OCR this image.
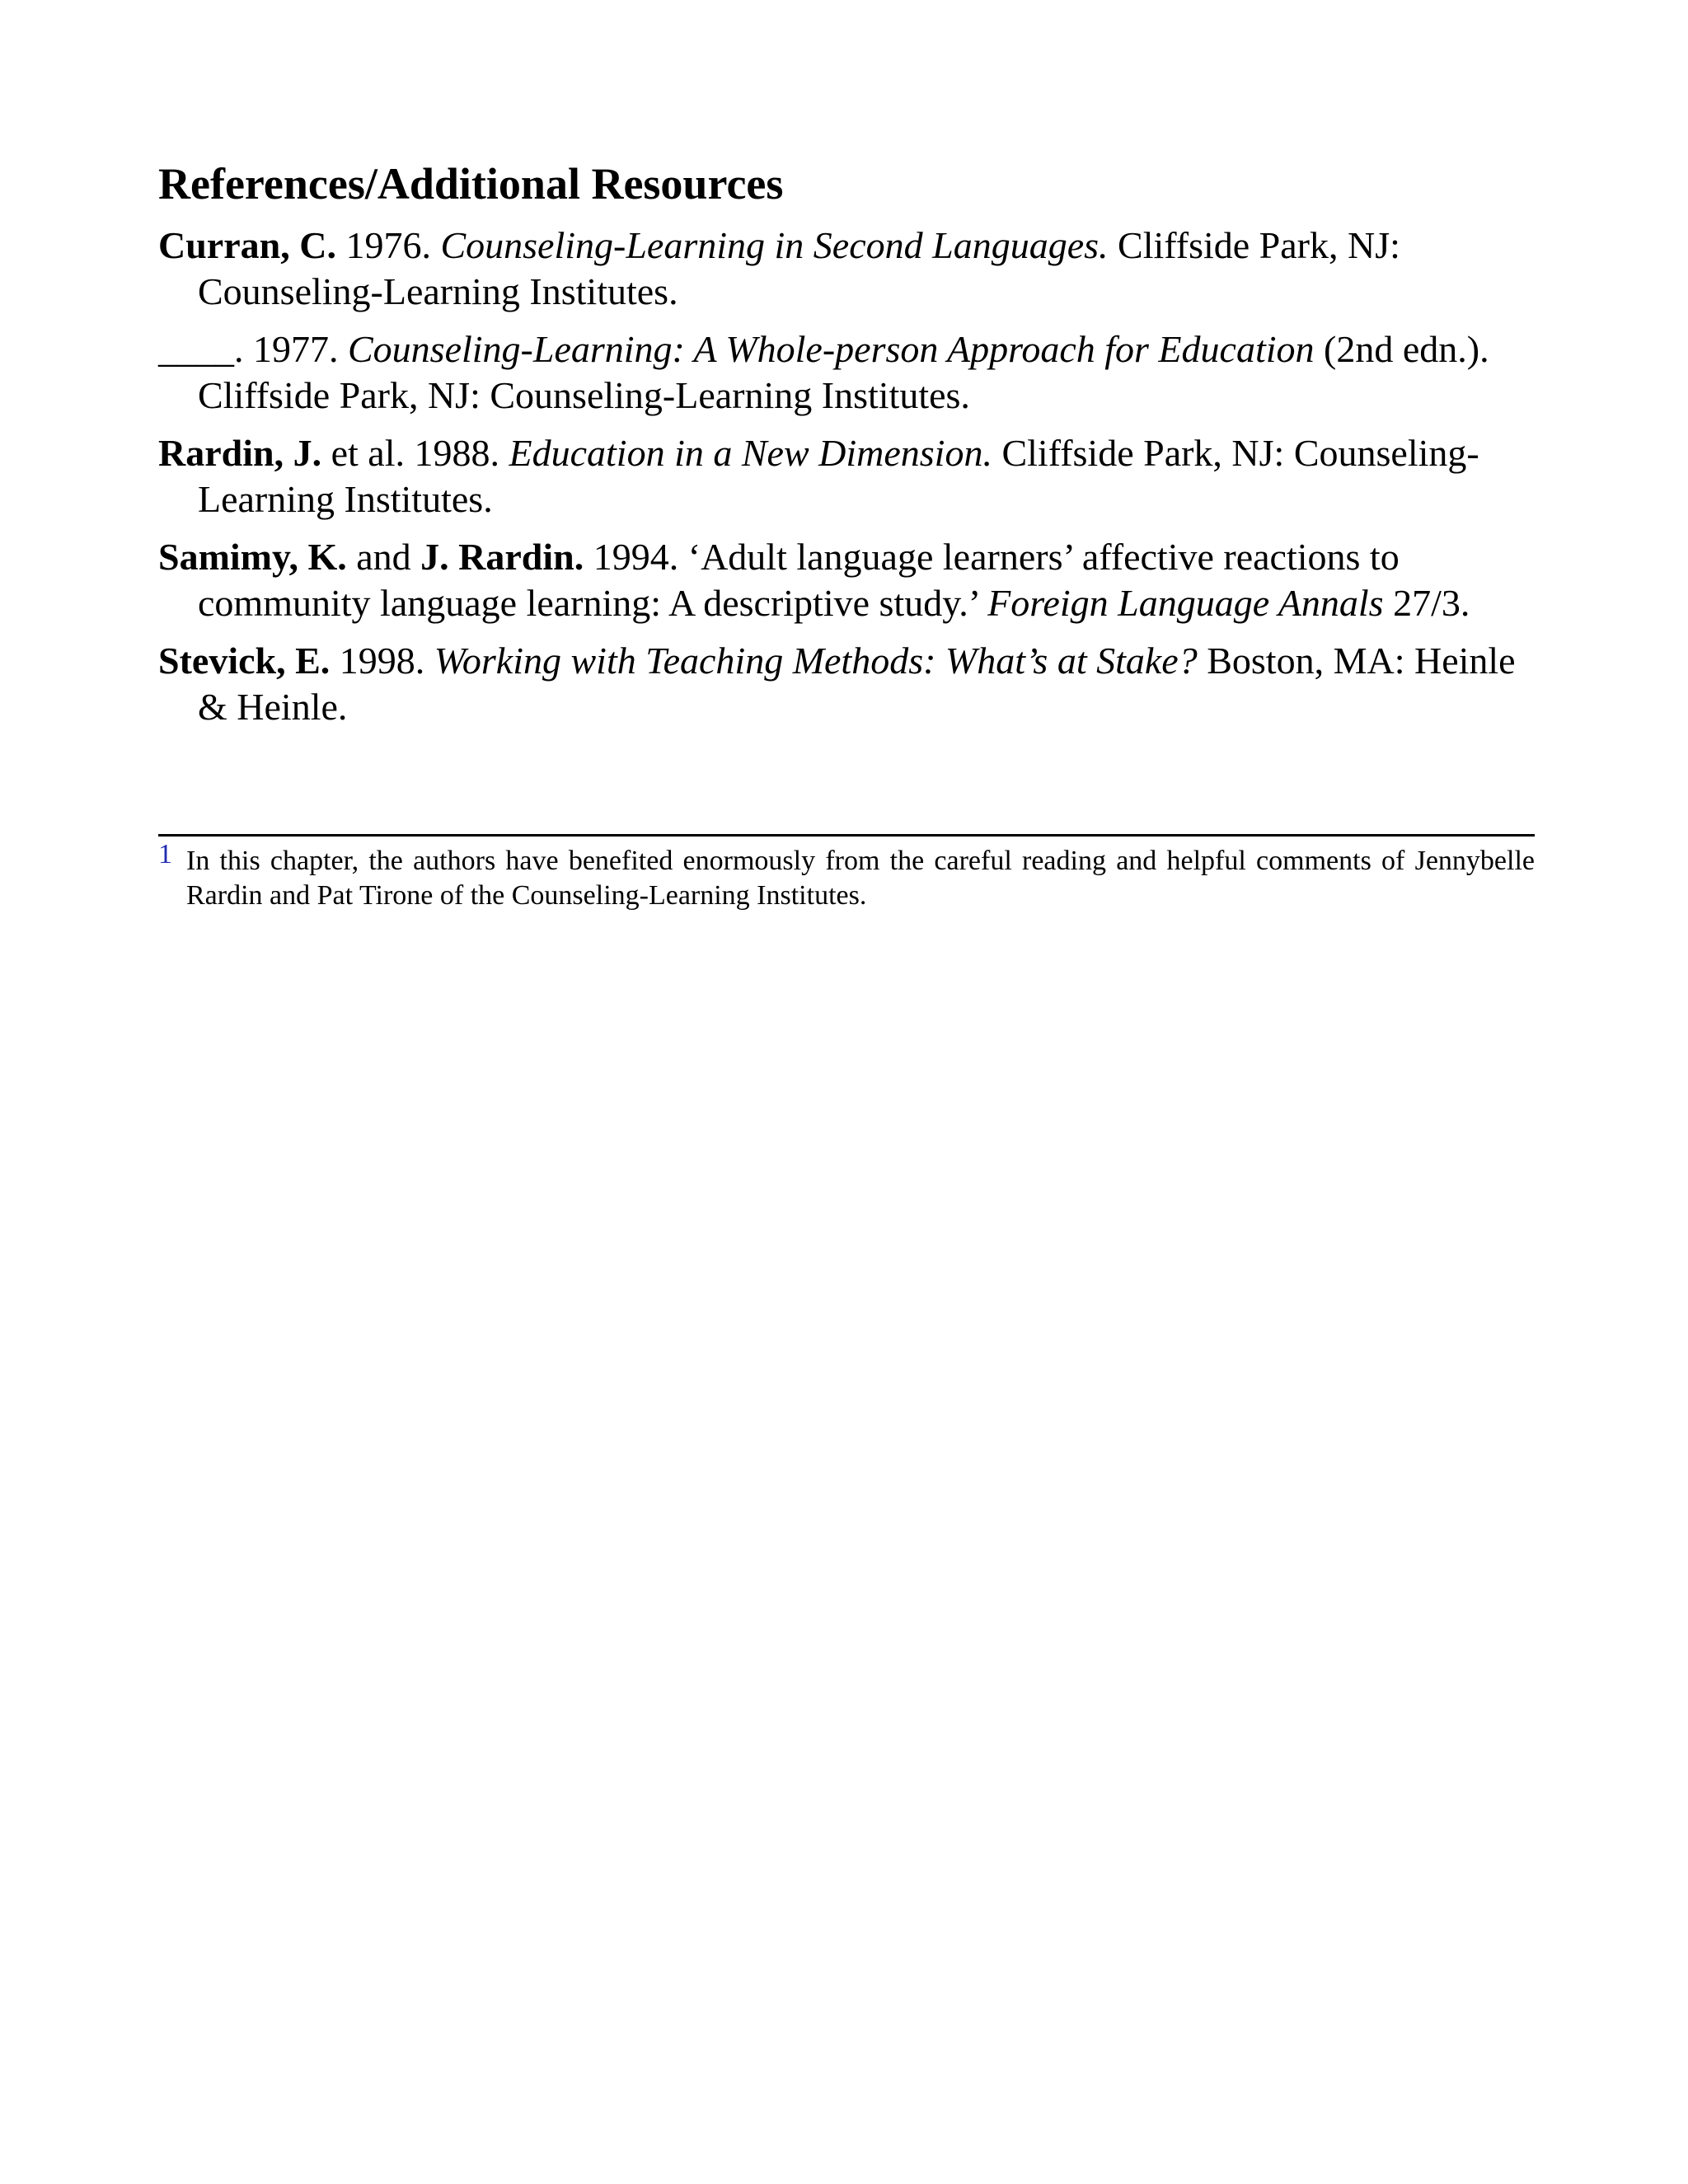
References/Additional Resources

Curran, C. 1976. Counseling-Learning in Second Languages. Cliffside Park, NJ: Counseling-Learning Institutes.

____. 1977. Counseling-Learning: A Whole-person Approach for Education (2nd edn.). Cliffside Park, NJ: Counseling-Learning Institutes.

Rardin, J. et al. 1988. Education in a New Dimension. Cliffside Park, NJ: Counseling-Learning Institutes.

Samimy, K. and J. Rardin. 1994. ‘Adult language learners’ affective reactions to community language learning: A descriptive study.’ Foreign Language Annals 27/3.

Stevick, E. 1998. Working with Teaching Methods: What’s at Stake? Boston, MA: Heinle & Heinle.

1 In this chapter, the authors have benefited enormously from the careful reading and helpful comments of Jennybelle Rardin and Pat Tirone of the Counseling-Learning Institutes.
